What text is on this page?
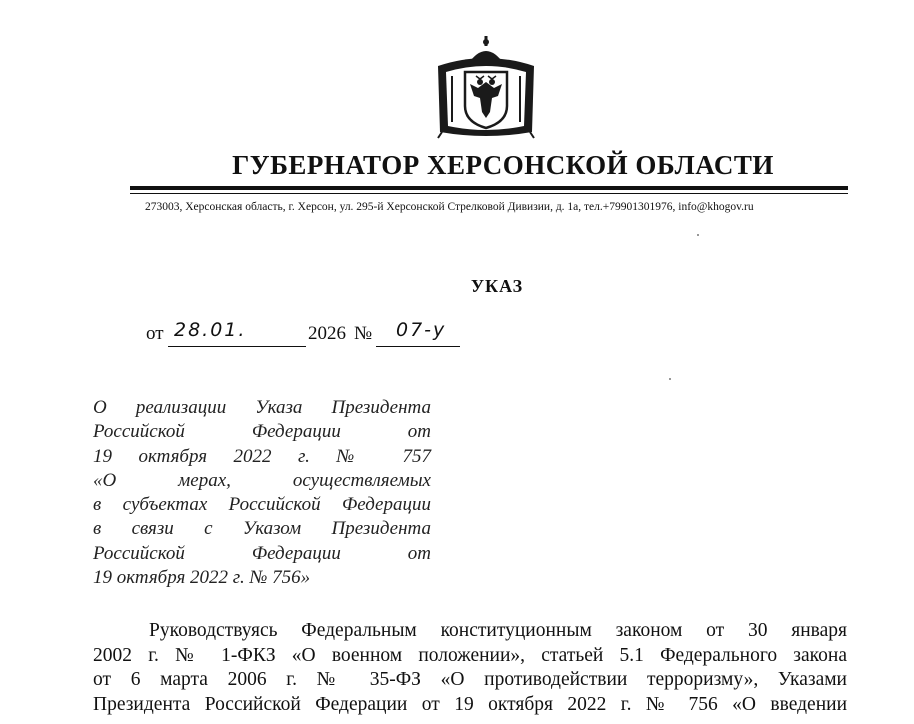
ГУБЕРНАТОР ХЕРСОНСКОЙ ОБЛАСТИ
273003, Херсонская область, г. Херсон, ул. 295-й Херсонской Стрелковой Дивизии, д. 1а, тел.+79901301976, info@khogov.ru
УКАЗ
от 28.01.	2026 № 07-у
О реализации Указа Президента
Российской Федерации от
19 октября 2022 г. № 757
«О мерах, осуществляемых
в субъектах Российской Федерации
в связи с Указом Президента
Российской Федерации от
19 октября 2022 г. № 756»
Руководствуясь Федеральным конституционным законом от 30 января
2002 г. № 1-ФКЗ «О военном положении», статьей 5.1 Федерального закона
от 6 марта 2006 г. № 35-ФЗ «О противодействии терроризму», Указами
Президента Российской Федерации от 19 октября 2022 г. № 756 «О введении
